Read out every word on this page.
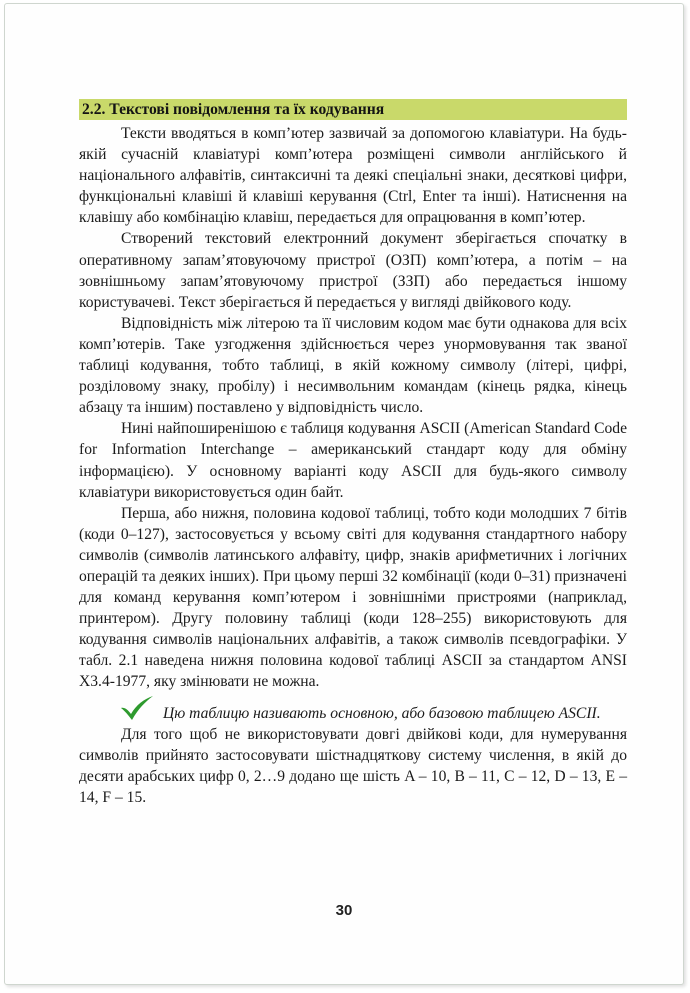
2.2. Текстові повідомлення та їх кодування

Тексти вводяться в комп’ютер зазвичай за допомогою клавіатури. На будь-якій сучасній клавіатурі комп’ютера розміщені символи англійського й національного алфавітів, синтаксичні та деякі спеціальні знаки, десяткові цифри, функціональні клавіші й клавіші керування (Ctrl, Enter та інші). Натиснення на клавішу або комбінацію клавіш, передається для опрацювання в комп’ютер.

Створений текстовий електронний документ зберігається спочатку в оперативному запам’ятовуючому пристрої (ОЗП) комп’ютера, а потім – на зовнішньому запам’ятовуючому пристрої (ЗЗП) або передається іншому користувачеві. Текст зберігається й передається у вигляді двійкового коду.

Відповідність між літерою та її числовим кодом має бути однакова для всіх комп’ютерів. Таке узгодження здійснюється через унормовування так званої таблиці кодування, тобто таблиці, в якій кожному символу (літері, цифрі, розділовому знаку, пробілу) і несимвольним командам (кінець рядка, кінець абзацу та іншим) поставлено у відповідність число.

Нині найпоширенішою є таблиця кодування ASCII (American Standard Code for Information Interchange – американський стандарт коду для обміну інформацією). У основному варіанті коду ASCII для будь-якого символу клавіатури використовується один байт.

Перша, або нижня, половина кодової таблиці, тобто коди молодших 7 бітів (коди 0–127), застосовується у всьому світі для кодування стандартного набору символів (символів латинського алфавіту, цифр, знаків арифметичних і логічних операцій та деяких інших). При цьому перші 32 комбінації (коди 0–31) призначені для команд керування комп’ютером і зовнішніми пристроями (наприклад, принтером). Другу половину таблиці (коди 128–255) використовують для кодування символів національних алфавітів, а також символів псевдографіки. У табл. 2.1 наведена нижня половина кодової таблиці ASCII за стандартом ANSI X3.4-1977, яку змінювати не можна.

Цю таблицю називають основною, або базовою таблицею ASCII.

Для того щоб не використовувати довгі двійкові коди, для нумерування символів прийнято застосовувати шістнадцяткову систему числення, в якій до десяти арабських цифр 0, 2…9 додано ще шість A – 10, B – 11, C – 12, D – 13, E – 14, F – 15.

30
